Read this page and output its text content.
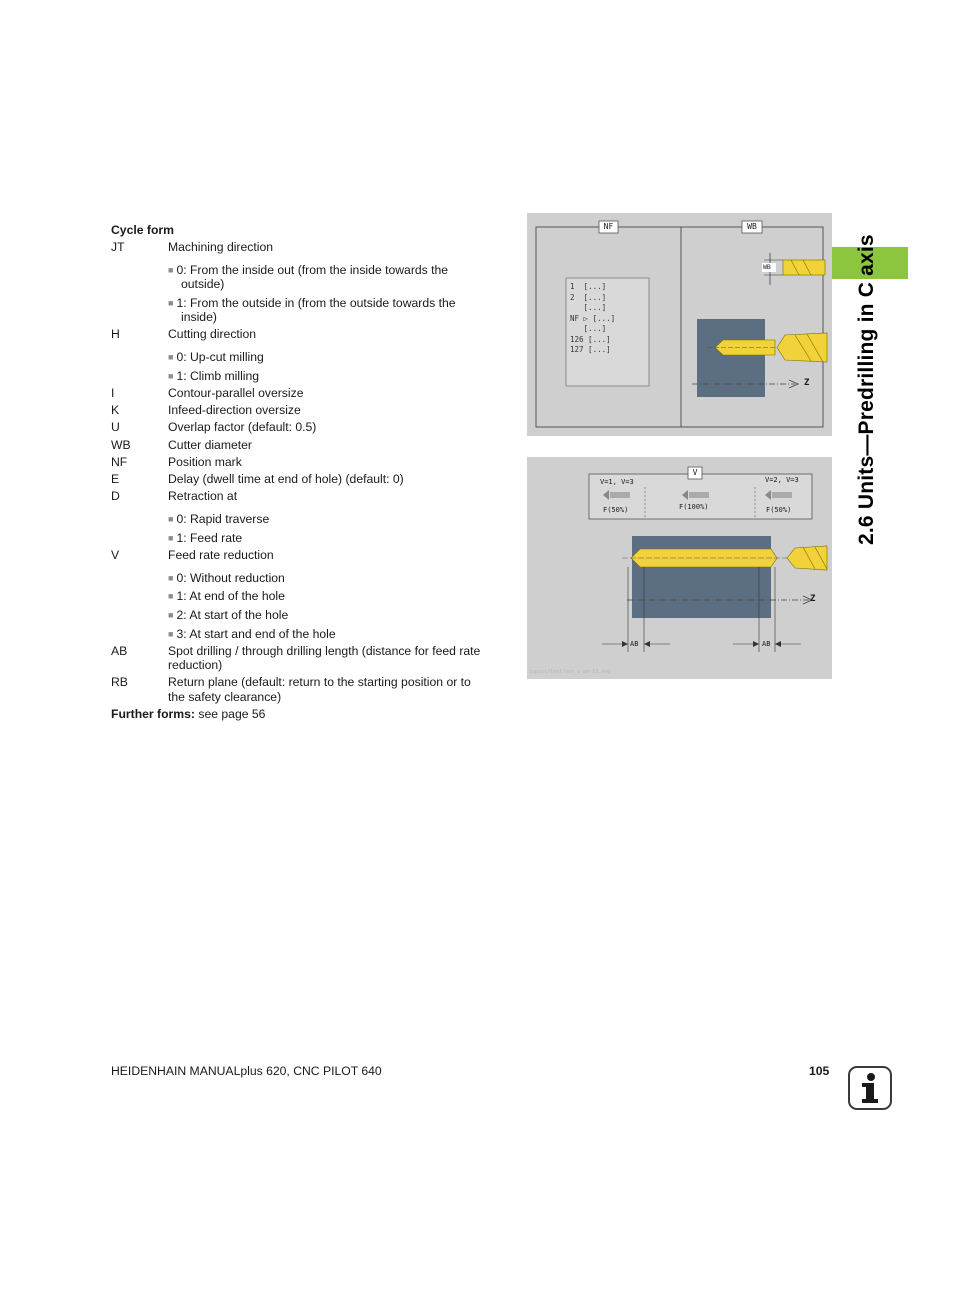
2.6 Units—Predrilling in C axis
Cycle form
JT	Machining direction
■ 0: From the inside out (from the inside towards the
outside)
■ 1: From the outside in (from the outside towards the
inside)
H	Cutting direction
■ 0: Up-cut milling
■ 1: Climb milling
I	Contour-parallel oversize
K	Infeed-direction oversize
U	Overlap factor (default: 0.5)
WB	Cutter diameter
NF	Position mark
E	Delay (dwell time at end of hole) (default: 0)
D	Retraction at
■ 0: Rapid traverse
■ 1: Feed rate
V	Feed rate reduction
■ 0: Without reduction
■ 1: At end of the hole
■ 2: At start of the hole
■ 3: At start and end of the hole
AB	Spot drilling / through drilling length (distance for feed rate
reduction)
RB	Return plane (default: return to the starting position or to
the safety clearance)
Further forms: see page 56
NF	WB
1  [...]
2  [...]
[...]
NF ▷ [...]
[...]
126 [...]
127 [...]
WB
Z
V
V=1, V=3
F(50%)	F(100%)
V=2, V=3
F(50%)
AB	AB
Z
bspiss/test/vor_u_mm-13.eng
HEIDENHAIN MANUALplus 620, CNC PILOT 640	105
